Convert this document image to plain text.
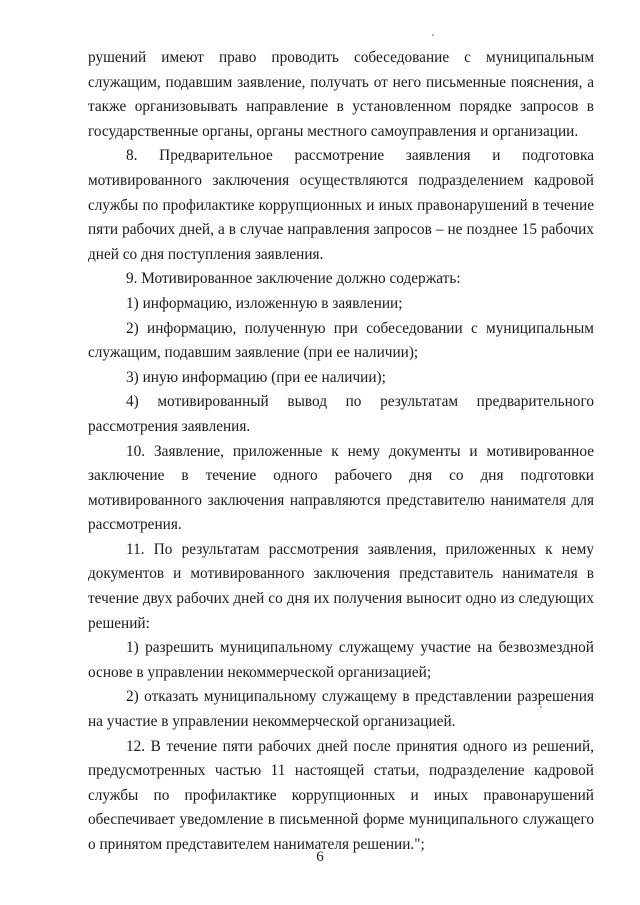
рушений имеют право проводить собеседование с муниципальным служащим, подавшим заявление, получать от него письменные пояснения, а также организовывать направление в установленном порядке запросов в государственные органы, органы местного самоуправления и организации.

8. Предварительное рассмотрение заявления и подготовка мотивированного заключения осуществляются подразделением кадровой службы по профилактике коррупционных и иных правонарушений в течение пяти рабочих дней, а в случае направления запросов – не позднее 15 рабочих дней со дня поступления заявления.

9. Мотивированное заключение должно содержать:

1) информацию, изложенную в заявлении;

2) информацию, полученную при собеседовании с муниципальным служащим, подавшим заявление (при ее наличии);

3) иную информацию (при ее наличии);

4) мотивированный вывод по результатам предварительного рассмотрения заявления.

10. Заявление, приложенные к нему документы и мотивированное заключение в течение одного рабочего дня со дня подготовки мотивированного заключения направляются представителю нанимателя для рассмотрения.

11. По результатам рассмотрения заявления, приложенных к нему документов и мотивированного заключения представитель нанимателя в течение двух рабочих дней со дня их получения выносит одно из следующих решений:

1) разрешить муниципальному служащему участие на безвозмездной основе в управлении некоммерческой организацией;

2) отказать муниципальному служащему в представлении разрешения на участие в управлении некоммерческой организацией.

12. В течение пяти рабочих дней после принятия одного из решений, предусмотренных частью 11 настоящей статьи, подразделение кадровой службы по профилактике коррупционных и иных правонарушений обеспечивает уведомление в письменной форме муниципального служащего о принятом представителем нанимателя решении.";

6
